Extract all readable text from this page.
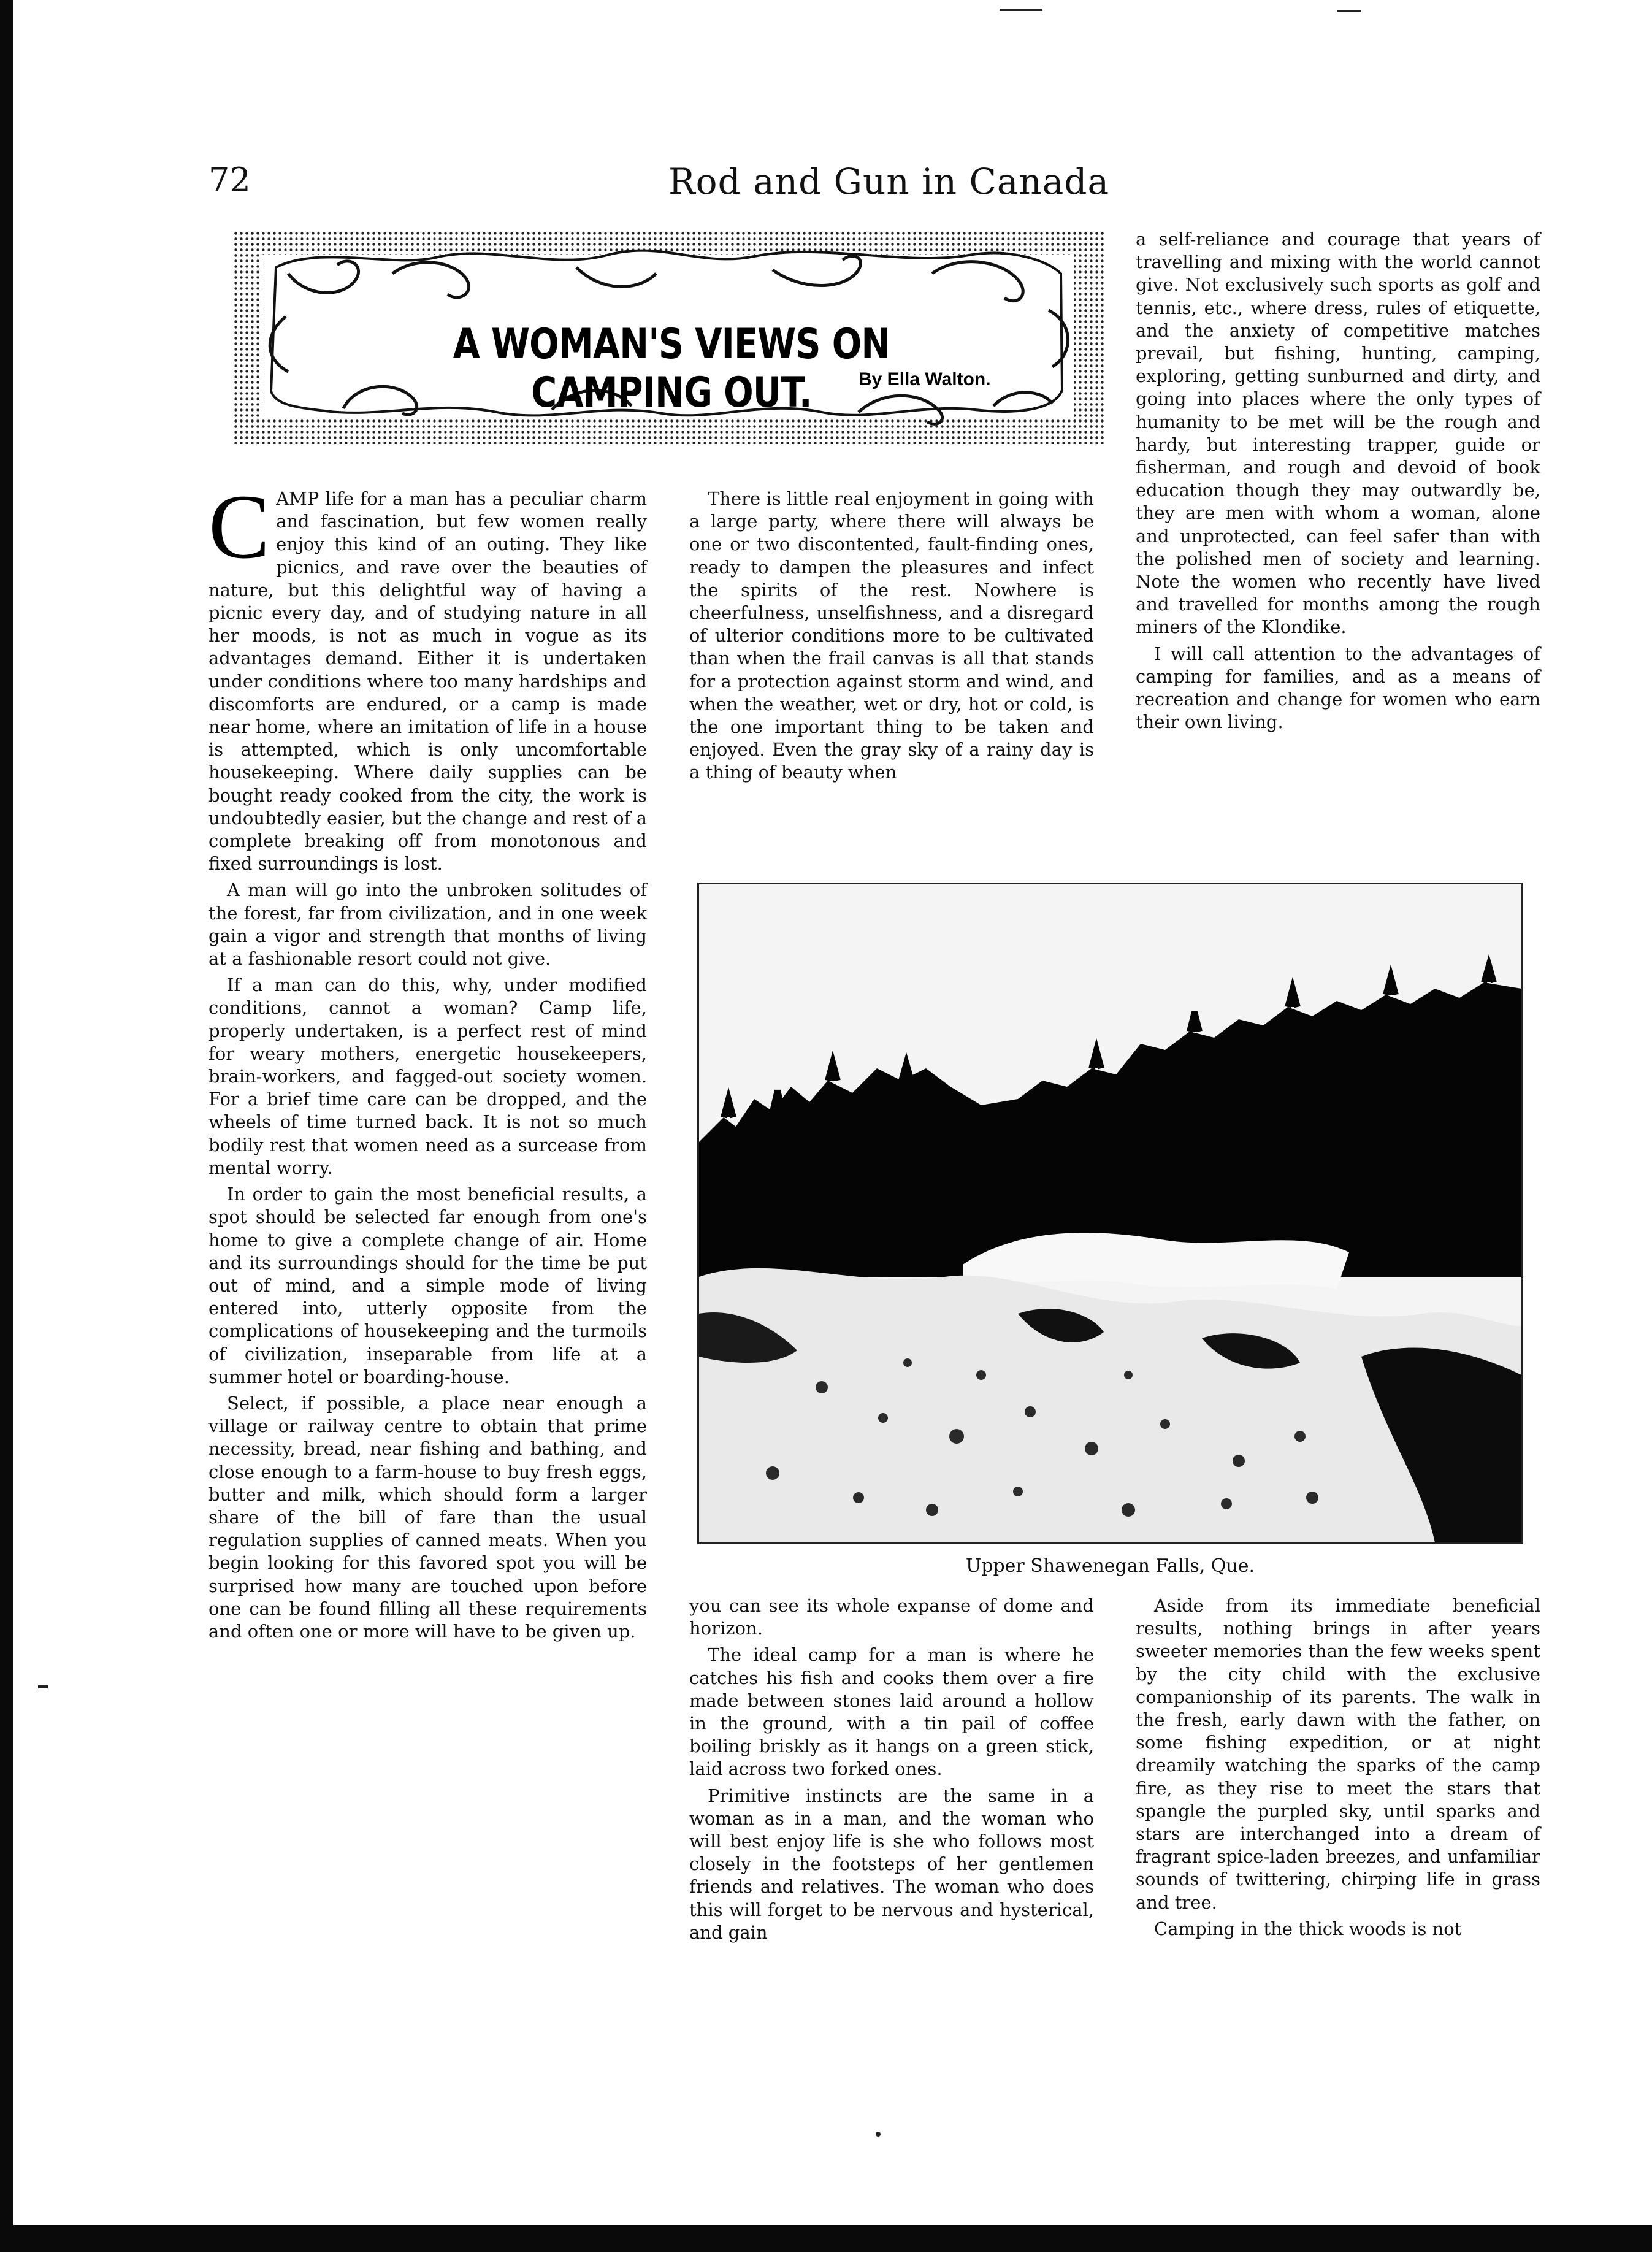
72	Rod and Gun in Canada
A WOMAN'S VIEWS ON CAMPING OUT.	By Ella Walton.

CAMP life for a man has a peculiar charm and fascination, but few women really enjoy this kind of an outing. They like picnics, and rave over the beauties of nature, but this delightful way of having a picnic every day, and of studying nature in all her moods, is not as much in vogue as its advantages demand. Either it is undertaken under conditions where too many hardships and discomforts are endured, or a camp is made near home, where an imitation of life in a house is attempted, which is only uncomfortable housekeeping. Where daily supplies can be bought ready cooked from the city, the work is undoubtedly easier, but the change and rest of a complete breaking off from monotonous and fixed surroundings is lost.

A man will go into the unbroken solitudes of the forest, far from civilization, and in one week gain a vigor and strength that months of living at a fashionable resort could not give.

If a man can do this, why, under modified conditions, cannot a woman? Camp life, properly undertaken, is a perfect rest of mind for weary mothers, energetic housekeepers, brain-workers, and fagged-out society women. For a brief time care can be dropped, and the wheels of time turned back. It is not so much bodily rest that women need as a surcease from mental worry.

In order to gain the most beneficial results, a spot should be selected far enough from one's home to give a complete change of air. Home and its surroundings should for the time be put out of mind, and a simple mode of living entered into, utterly opposite from the complications of housekeeping and the turmoils of civilization, inseparable from life at a summer hotel or boarding-house.

Select, if possible, a place near enough a village or railway centre to obtain that prime necessity, bread, near fishing and bathing, and close enough to a farm-house to buy fresh eggs, butter and milk, which should form a larger share of the bill of fare than the usual regulation supplies of canned meats. When you begin looking for this favored spot you will be surprised how many are touched upon before one can be found filling all these requirements and often one or more will have to be given up.

There is little real enjoyment in going with a large party, where there will always be one or two discontented, fault-finding ones, ready to dampen the pleasures and infect the spirits of the rest. Nowhere is cheerfulness, unselfishness, and a disregard of ulterior conditions more to be cultivated than when the frail canvas is all that stands for a protection against storm and wind, and when the weather, wet or dry, hot or cold, is the one important thing to be taken and enjoyed. Even the gray sky of a rainy day is a thing of beauty when

a self-reliance and courage that years of travelling and mixing with the world cannot give. Not exclusively such sports as golf and tennis, etc., where dress, rules of etiquette, and the anxiety of competitive matches prevail, but fishing, hunting, camping, exploring, getting sunburned and dirty, and going into places where the only types of humanity to be met will be the rough and hardy, but interesting trapper, guide or fisherman, and rough and devoid of book education though they may outwardly be, they are men with whom a woman, alone and unprotected, can feel safer than with the polished men of society and learning. Note the women who recently have lived and travelled for months among the rough miners of the Klondike.

I will call attention to the advantages of camping for families, and as a means of recreation and change for women who earn their own living.

Upper Shawenegan Falls, Que.

you can see its whole expanse of dome and horizon.

The ideal camp for a man is where he catches his fish and cooks them over a fire made between stones laid around a hollow in the ground, with a tin pail of coffee boiling briskly as it hangs on a green stick, laid across two forked ones.

Primitive instincts are the same in a woman as in a man, and the woman who will best enjoy life is she who follows most closely in the footsteps of her gentlemen friends and relatives. The woman who does this will forget to be nervous and hysterical, and gain

Aside from its immediate beneficial results, nothing brings in after years sweeter memories than the few weeks spent by the city child with the exclusive companionship of its parents. The walk in the fresh, early dawn with the father, on some fishing expedition, or at night dreamily watching the sparks of the camp fire, as they rise to meet the stars that spangle the purpled sky, until sparks and stars are interchanged into a dream of fragrant spice-laden breezes, and unfamiliar sounds of twittering, chirping life in grass and tree.

Camping in the thick woods is not
